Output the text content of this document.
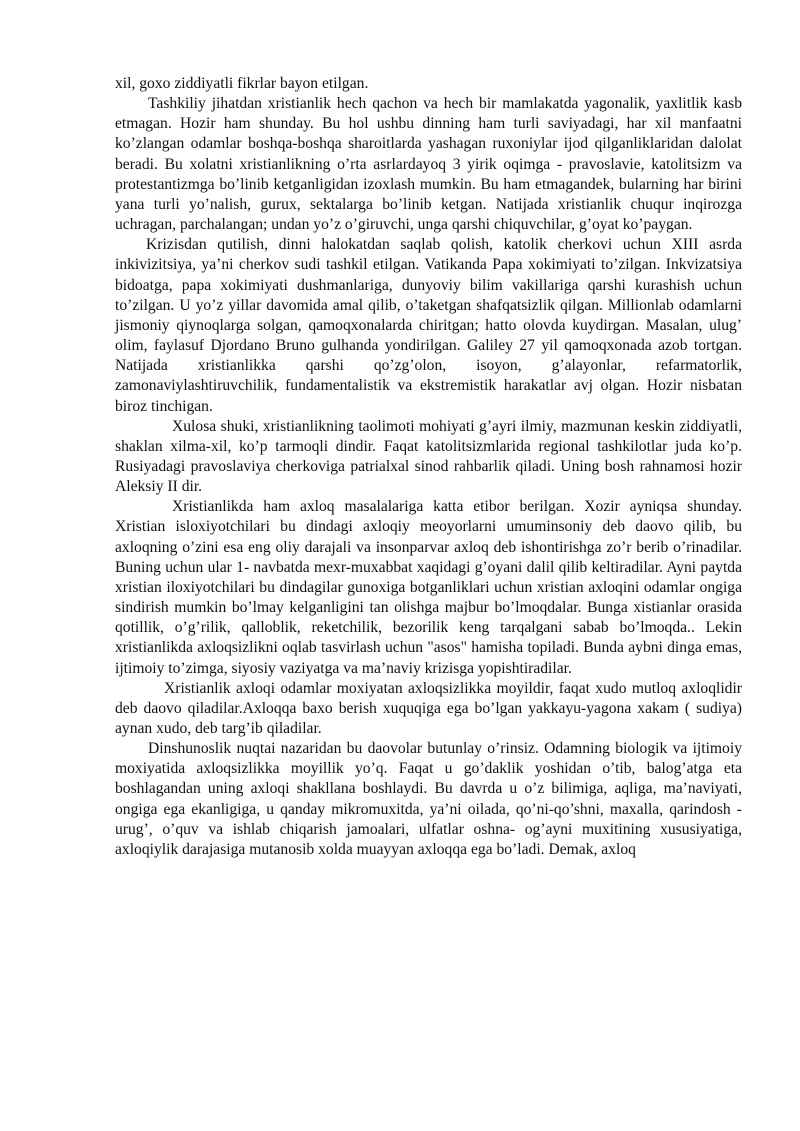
xil, goxo ziddiyatli fikrlar bayon etilgan.

Tashkiliy jihatdan xristianlik hech qachon va hech bir mamlakatda yagonalik, yaxlitlik kasb etmagan. Hozir ham shunday. Bu hol ushbu dinning ham turli saviyadagi, har xil manfaatni ko’zlangan odamlar boshqa-boshqa sharoitlarda yashagan ruxoniylar ijod qilganliklaridan dalolat beradi. Bu xolatni xristianlikning o’rta asrlardayoq 3 yirik oqimga - pravoslavie, katolitsizm va protestantizmga bo’linib ketganligidan izoxlash mumkin. Bu ham etmagandek, bularning har birini yana turli yo’nalish, gurux, sektalarga bo’linib ketgan. Natijada xristianlik chuqur inqirozga uchragan, parchalangan; undan yo’z o’giruvchi, unga qarshi chiquvchilar, g’oyat ko’paygan.

Krizisdan qutilish, dinni halokatdan saqlab qolish, katolik cherkovi uchun XIII asrda inkivizitsiya, ya’ni cherkov sudi tashkil etilgan. Vatikanda Papa xokimiyati to’zilgan. Inkvizatsiya bidoatga, papa xokimiyati dushmanlariga, dunyoviy bilim vakillariga qarshi kurashish uchun to’zilgan. U yo’z yillar davomida amal qilib, o’taketgan shafqatsizlik qilgan. Millionlab odamlarni jismoniy qiynoqlarga solgan, qamoqxonalarda chiritgan; hatto olovda kuydirgan. Masalan, ulug’ olim, faylasuf Djordano Bruno gulhanda yondirilgan. Galiley 27 yil qamoqxonada azob tortgan. Natijada xristianlikka qarshi qo’zg’olon, isoyon, g’alayonlar, refarmatorlik, zamonaviylashtiruvchilik, fundamentalistik va ekstremistik harakatlar avj olgan. Hozir nisbatan biroz tinchigan.

Xulosa shuki, xristianlikning taolimoti mohiyati g’ayri ilmiy, mazmunan keskin ziddiyatli, shaklan xilma-xil, ko’p tarmoqli dindir. Faqat katolitsizmlarida regional tashkilotlar juda ko’p. Rusiyadagi pravoslaviya cherkoviga patrialxal sinod rahbarlik qiladi. Uning bosh rahnamosi hozir Aleksiy II dir.

Xristianlikda ham axloq masalalariga katta etibor berilgan. Xozir ayniqsa shunday. Xristian isloxiyotchilari bu dindagi axloqiy meoyorlarni umuminsoniy deb daovo qilib, bu axloqning o’zini esa eng oliy darajali va insonparvar axloq deb ishontirishga zo’r berib o’rinadilar. Buning uchun ular 1- navbatda mexr-muxabbat xaqidagi g’oyani dalil qilib keltiradilar. Ayni paytda xristian iloxiyotchilari bu dindagilar gunoxiga botganliklari uchun xristian axloqini odamlar ongiga sindirish mumkin bo’lmay kelganligini tan olishga majbur bo’lmoqdalar. Bunga xistianlar orasida qotillik, o’g’rilik, qalloblik, reketchilik, bezorilik keng tarqalgani sabab bo’lmoqda.. Lekin xristianlikda axloqsizlikni oqlab tasvirlash uchun "asos" hamisha topiladi. Bunda aybni dinga emas, ijtimoiy to’zimga, siyosiy vaziyatga va ma’naviy krizisga yopishtiradilar.

Xristianlik axloqi odamlar moxiyatan axloqsizlikka moyildir, faqat xudo mutloq axloqlidir deb daovo qiladilar.Axloqqa baxo berish xuquqiga ega bo’lgan yakkayu-yagona xakam ( sudiya) aynan xudo, deb targ’ib qiladilar.

Dinshunoslik nuqtai nazaridan bu daovolar butunlay o’rinsiz. Odamning biologik va ijtimoiy moxiyatida axloqsizlikka moyillik yo’q. Faqat u go’daklik yoshidan o’tib, balog’atga eta boshlagandan uning axloqi shakllana boshlaydi. Bu davrda u o’z bilimiga, aqliga, ma’naviyati, ongiga ega ekanligiga, u qanday mikromuxitda, ya’ni oilada, qo’ni-qo’shni, maxalla, qarindosh -urug’, o’quv va ishlab chiqarish jamoalari, ulfatlar oshna- og’ayni muxitining xususiyatiga, axloqiylik darajasiga mutanosib xolda muayyan axloqqa ega bo’ladi. Demak, axloq
